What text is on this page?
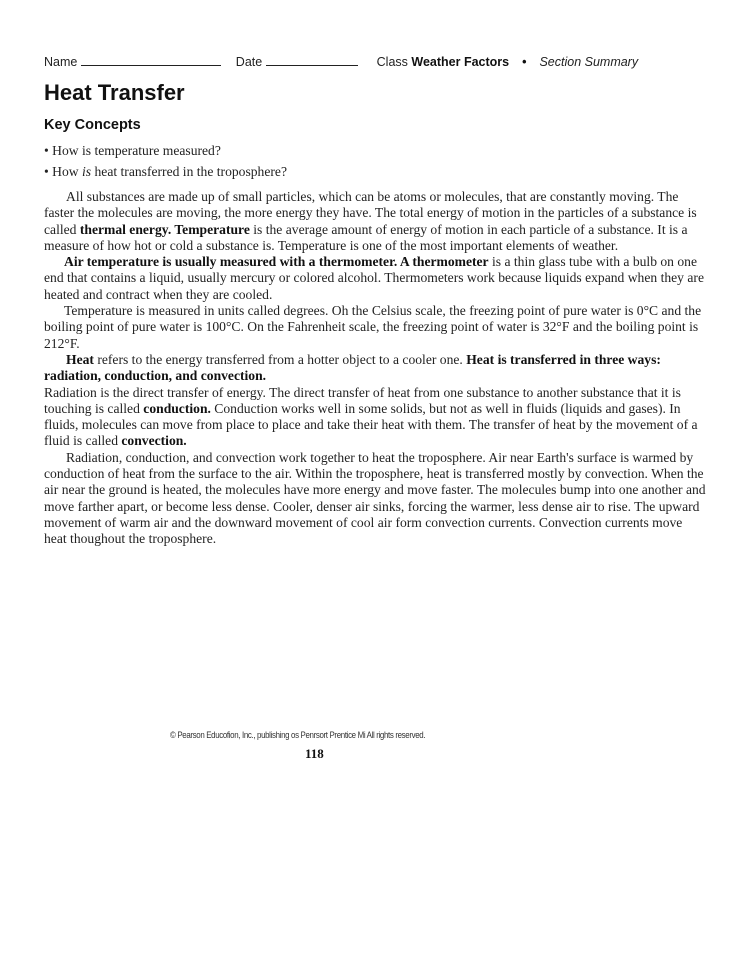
Name	Date	Class Weather Factors • Section Summary
Heat Transfer
Key Concepts
• How is temperature measured?
• How is heat transferred in the troposphere?

All substances are made up of small particles, which can be atoms or molecules, that are constantly moving. The faster the molecules are moving, the more energy they have. The total energy of motion in the particles of a substance is called thermal energy. Temperature is the average amount of energy of motion in each particle of a substance. It is a measure of how hot or cold a substance is. Temperature is one of the most important elements of weather.

Air temperature is usually measured with a thermometer. A thermometer is a thin glass tube with a bulb on one end that contains a liquid, usually mercury or colored alcohol. Thermometers work because liquids expand when they are heated and contract when they are cooled.

Temperature is measured in units called degrees. Oh the Celsius scale, the freezing point of pure water is 0°C and the boiling point of pure water is 100°C. On the Fahrenheit scale, the freezing point of water is 32°F and the boiling point is 212°F.

Heat refers to the energy transferred from a hotter object to a cooler one. Heat is transferred in three ways: radiation, conduction, and convection.

Radiation is the direct transfer of energy. The direct transfer of heat from one substance to another substance that it is touching is called conduction. Conduction works well in some solids, but not as well in fluids (liquids and gases). In fluids, molecules can move from place to place and take their heat with them. The transfer of heat by the movement of a fluid is called convection.

Radiation, conduction, and convection work together to heat the troposphere. Air near Earth's surface is warmed by conduction of heat from the surface to the air. Within the troposphere, heat is transferred mostly by convection. When the air near the ground is heated, the molecules have more energy and move faster. The molecules bump into one another and move farther apart, or become less dense. Cooler, denser air sinks, forcing the warmer, less dense air to rise. The upward movement of warm air and the downward movement of cool air form convection currents. Convection currents move heat thoughout the troposphere.

© Pearson Educofion, Inc., publishing os Penrsort Prentice Mi All rights reserved.
118
